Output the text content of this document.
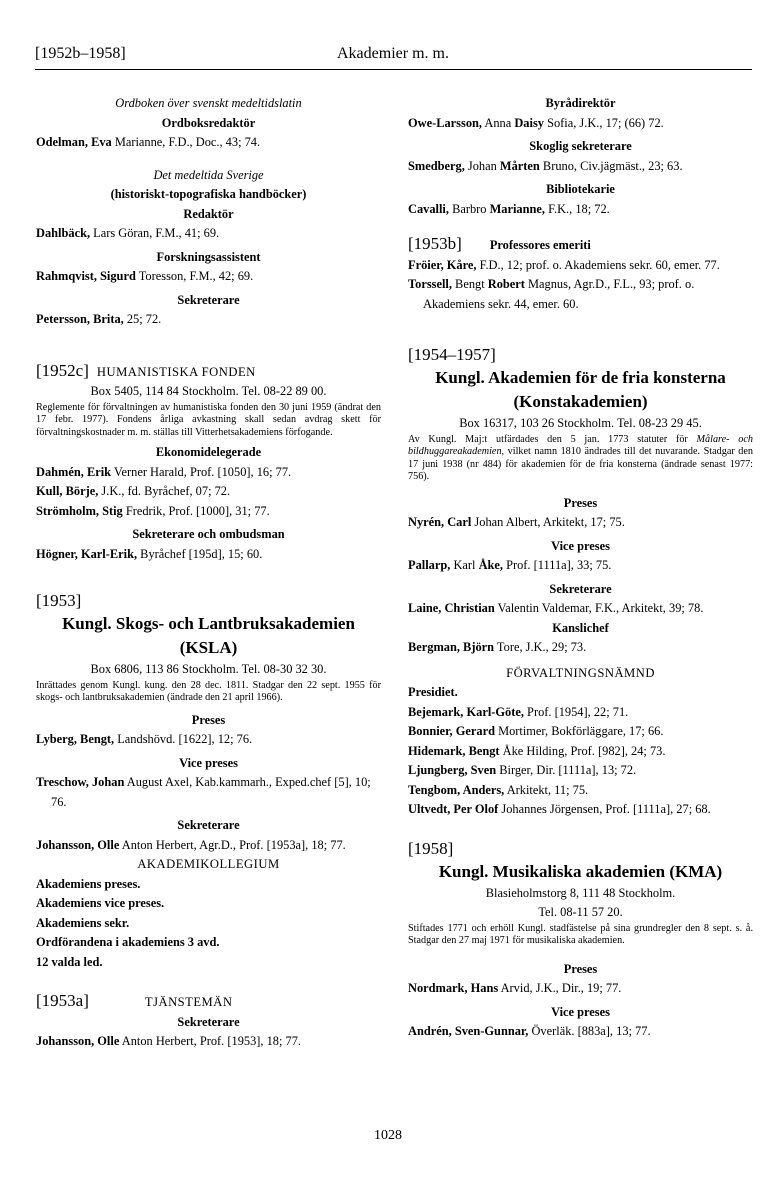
[1952b–1958]	Akademier m. m.
Ordboken över svenskt medeltidslatin
Ordboksredaktör
Odelman, Eva Marianne, F.D., Doc., 43; 74.
Det medeltida Sverige
(historiskt-topografiska handböcker)
Redaktör
Dahlbäck, Lars Göran, F.M., 41; 69.
Forskningsassistent
Rahmqvist, Sigurd Toresson, F.M., 42; 69.
Sekreterare
Petersson, Brita, 25; 72.
[1952c] HUMANISTISKA FONDEN
Box 5405, 114 84 Stockholm. Tel. 08-22 89 00.
Reglemente för förvaltningen av humanistiska fonden den 30 juni 1959 (ändrat den 17 febr. 1977). Fondens årliga avkastning skall sedan avdrag skett för förvaltningskostnader m. m. ställas till Vitterhetsakademiens förfogande.
Ekonomidelegerade
Dahmén, Erik Verner Harald, Prof. [1050], 16; 77.
Kull, Börje, J.K., fd. Byråchef, 07; 72.
Strömholm, Stig Fredrik, Prof. [1000], 31; 77.
Sekreterare och ombudsman
Högner, Karl-Erik, Byråchef [195d], 15; 60.
[1953]
Kungl. Skogs- och Lantbruksakademien
(KSLA)
Box 6806, 113 86 Stockholm. Tel. 08-30 32 30.
Inrättades genom Kungl. kung. den 28 dec. 1811. Stadgar den 22 sept. 1955 för skogs- och lantbruksakademien (ändrade den 21 april 1966).
Preses
Lyberg, Bengt, Landshövd. [1622], 12; 76.
Vice preses
Treschow, Johan August Axel, Kab.kammarh., Exped.chef [5], 10; 76.
Sekreterare
Johansson, Olle Anton Herbert, Agr.D., Prof. [1953a], 18; 77.
AKADEMIKOLLEGIUM
Akademiens preses.
Akademiens vice preses.
Akademiens sekr.
Ordförandena i akademiens 3 avd.
12 valda led.
[1953a]	TJÄNSTEMÄN
Sekreterare
Johansson, Olle Anton Herbert, Prof. [1953], 18; 77.
Byrådirektör
Owe-Larsson, Anna Daisy Sofia, J.K., 17; (66) 72.
Skoglig sekreterare
Smedberg, Johan Mårten Bruno, Civ.jägmäst., 23; 63.
Bibliotekarie
Cavalli, Barbro Marianne, F.K., 18; 72.
[1953b] Professores emeriti
Fröier, Kåre, F.D., 12; prof. o. Akademiens sekr. 60, emer. 77.
Torssell, Bengt Robert Magnus, Agr.D., F.L., 93; prof. o. Akademiens sekr. 44, emer. 60.
[1954–1957]
Kungl. Akademien för de fria konsterna
(Konstakademien)
Box 16317, 103 26 Stockholm. Tel. 08-23 29 45.
Av Kungl. Maj:t utfärdades den 5 jan. 1773 statuter för Målare- och bildhuggareakademien, vilket namn 1810 ändrades till det nuvarande. Stadgar den 17 juni 1938 (nr 484) för akademien för de fria konsterna (ändrade senast 1977: 756).
Preses
Nyrén, Carl Johan Albert, Arkitekt, 17; 75.
Vice preses
Pallarp, Karl Åke, Prof. [1111a], 33; 75.
Sekreterare
Laine, Christian Valentin Valdemar, F.K., Arkitekt, 39; 78.
Kanslichef
Bergman, Björn Tore, J.K., 29; 73.
FÖRVALTNINGSNÄMND
Presidiet.
Bejemark, Karl-Göte, Prof. [1954], 22; 71.
Bonnier, Gerard Mortimer, Bokförläggare, 17; 66.
Hidemark, Bengt Åke Hilding, Prof. [982], 24; 73.
Ljungberg, Sven Birger, Dir. [1111a], 13; 72.
Tengbom, Anders, Arkitekt, 11; 75.
Ultvedt, Per Olof Johannes Jörgensen, Prof. [1111a], 27; 68.
[1958]
Kungl. Musikaliska akademien (KMA)
Blasieholmstorg 8, 111 48 Stockholm.
Tel. 08-11 57 20.
Stiftades 1771 och erhöll Kungl. stadfästelse på sina grundregler den 8 sept. s. å. Stadgar den 27 maj 1971 för musikaliska akademien.
Preses
Nordmark, Hans Arvid, J.K., Dir., 19; 77.
Vice preses
Andrén, Sven-Gunnar, Överläk. [883a], 13; 77.
1028
